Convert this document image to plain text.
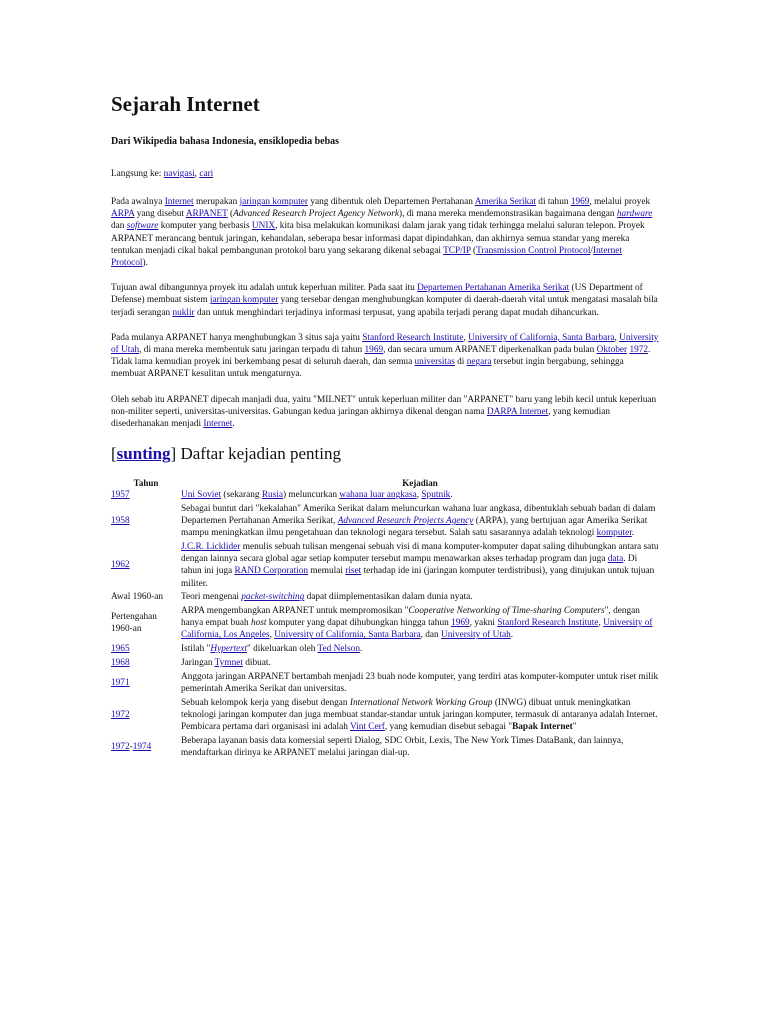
Sejarah Internet
Dari Wikipedia bahasa Indonesia, ensiklopedia bebas
Langsung ke: navigasi, cari

Pada awalnya Internet merupakan jaringan komputer yang dibentuk oleh Departemen Pertahanan Amerika Serikat di tahun 1969, melalui proyek ARPA yang disebut ARPANET (Advanced Research Project Agency Network), di mana mereka mendemonstrasikan bagaimana dengan hardware dan software komputer yang berbasis UNIX, kita bisa melakukan komunikasi dalam jarak yang tidak terhingga melalui saluran telepon. Proyek ARPANET merancang bentuk jaringan, kehandalan, seberapa besar informasi dapat dipindahkan, dan akhirnya semua standar yang mereka tentukan menjadi cikal bakal pembangunan protokol baru yang sekarang dikenal sebagai TCP/IP (Transmission Control Protocol/Internet Protocol).

Tujuan awal dibangunnya proyek itu adalah untuk keperluan militer. Pada saat itu Departemen Pertahanan Amerika Serikat (US Department of Defense) membuat sistem jaringan komputer yang tersebar dengan menghubungkan komputer di daerah-daerah vital untuk mengatasi masalah bila terjadi serangan nuklir dan untuk menghindari terjadinya informasi terpusat, yang apabila terjadi perang dapat mudah dihancurkan.

Pada mulanya ARPANET hanya menghubungkan 3 situs saja yaitu Stanford Research Institute, University of California, Santa Barbara, University of Utah, di mana mereka membentuk satu jaringan terpadu di tahun 1969, dan secara umum ARPANET diperkenalkan pada bulan Oktober 1972. Tidak lama kemudian proyek ini berkembang pesat di seluruh daerah, dan semua universitas di negara tersebut ingin bergabung, sehingga membuat ARPANET kesulitan untuk mengaturnya.

Oleh sebab itu ARPANET dipecah manjadi dua, yaitu "MILNET" untuk keperluan militer dan "ARPANET" baru yang lebih kecil untuk keperluan non-militer seperti, universitas-universitas. Gabungan kedua jaringan akhirnya dikenal dengan nama DARPA Internet, yang kemudian disederhanakan menjadi Internet.

[sunting] Daftar kejadian penting
Tahun	Kejadian
1957	Uni Soviet (sekarang Rusia) meluncurkan wahana luar angkasa, Sputnik.
1958	Sebagai buntut dari "kekalahan" Amerika Serikat dalam meluncurkan wahana luar angkasa, dibentuklah sebuah badan di dalam Departemen Pertahanan Amerika Serikat, Advanced Research Projects Agency (ARPA), yang bertujuan agar Amerika Serikat mampu meningkatkan ilmu pengetahuan dan teknologi negara tersebut. Salah satu sasarannya adalah teknologi komputer.
1962	J.C.R. Licklider menulis sebuah tulisan mengenai sebuah visi di mana komputer-komputer dapat saling dihubungkan antara satu dengan lainnya secara global agar setiap komputer tersebut mampu menawarkan akses terhadap program dan juga data. Di tahun ini juga RAND Corporation memulai riset terhadap ide ini (jaringan komputer terdistribusi), yang ditujukan untuk tujuan militer.
Awal 1960-an	Teori mengenai packet-switching dapat diimplementasikan dalam dunia nyata.
Pertengahan 1960-an	ARPA mengembangkan ARPANET untuk mempromosikan "Cooperative Networking of Time-sharing Computers", dengan hanya empat buah host komputer yang dapat dihubungkan hingga tahun 1969, yakni Stanford Research Institute, University of California, Los Angeles, University of California, Santa Barbara, dan University of Utah.
1965	Istilah "Hypertext" dikeluarkan oleh Ted Nelson.
1968	Jaringan Tymnet dibuat.
1971	Anggota jaringan ARPANET bertambah menjadi 23 buah node komputer, yang terdiri atas komputer-komputer untuk riset milik pemerintah Amerika Serikat dan universitas.
1972	Sebuah kelompok kerja yang disebut dengan International Network Working Group (INWG) dibuat untuk meningkatkan teknologi jaringan komputer dan juga membuat standar-standar untuk jaringan komputer, termasuk di antaranya adalah Internet. Pembicara pertama dari organisasi ini adalah Vint Cerf, yang kemudian disebut sebagai "Bapak Internet"
1972-1974	Beberapa layanan basis data komersial seperti Dialog, SDC Orbit, Lexis, The New York Times DataBank, dan lainnya, mendaftarkan dirinya ke ARPANET melalui jaringan dial-up.
